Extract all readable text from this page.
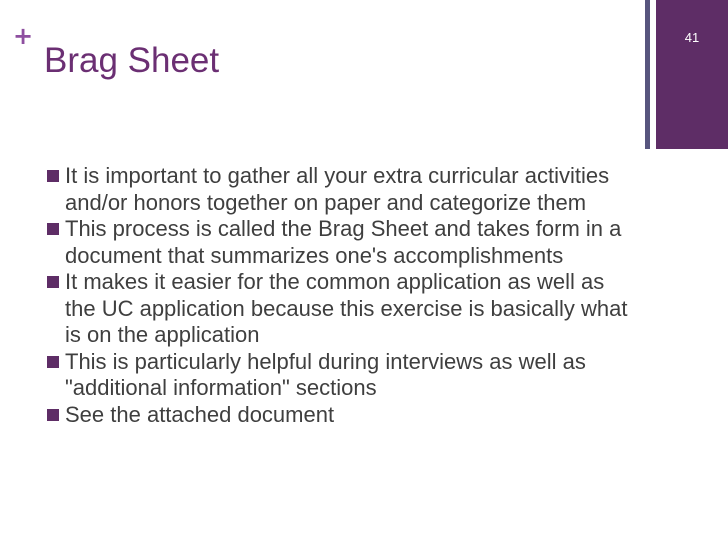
+
Brag Sheet
41
It is important to gather all your extra curricular activities and/or honors together on paper and categorize them
This process is called the Brag Sheet and takes form in a document that summarizes one's accomplishments
It makes it easier for the common application as well as the UC application because this exercise is basically what is on the application
This is particularly helpful during interviews as well as "additional information" sections
See the attached document
